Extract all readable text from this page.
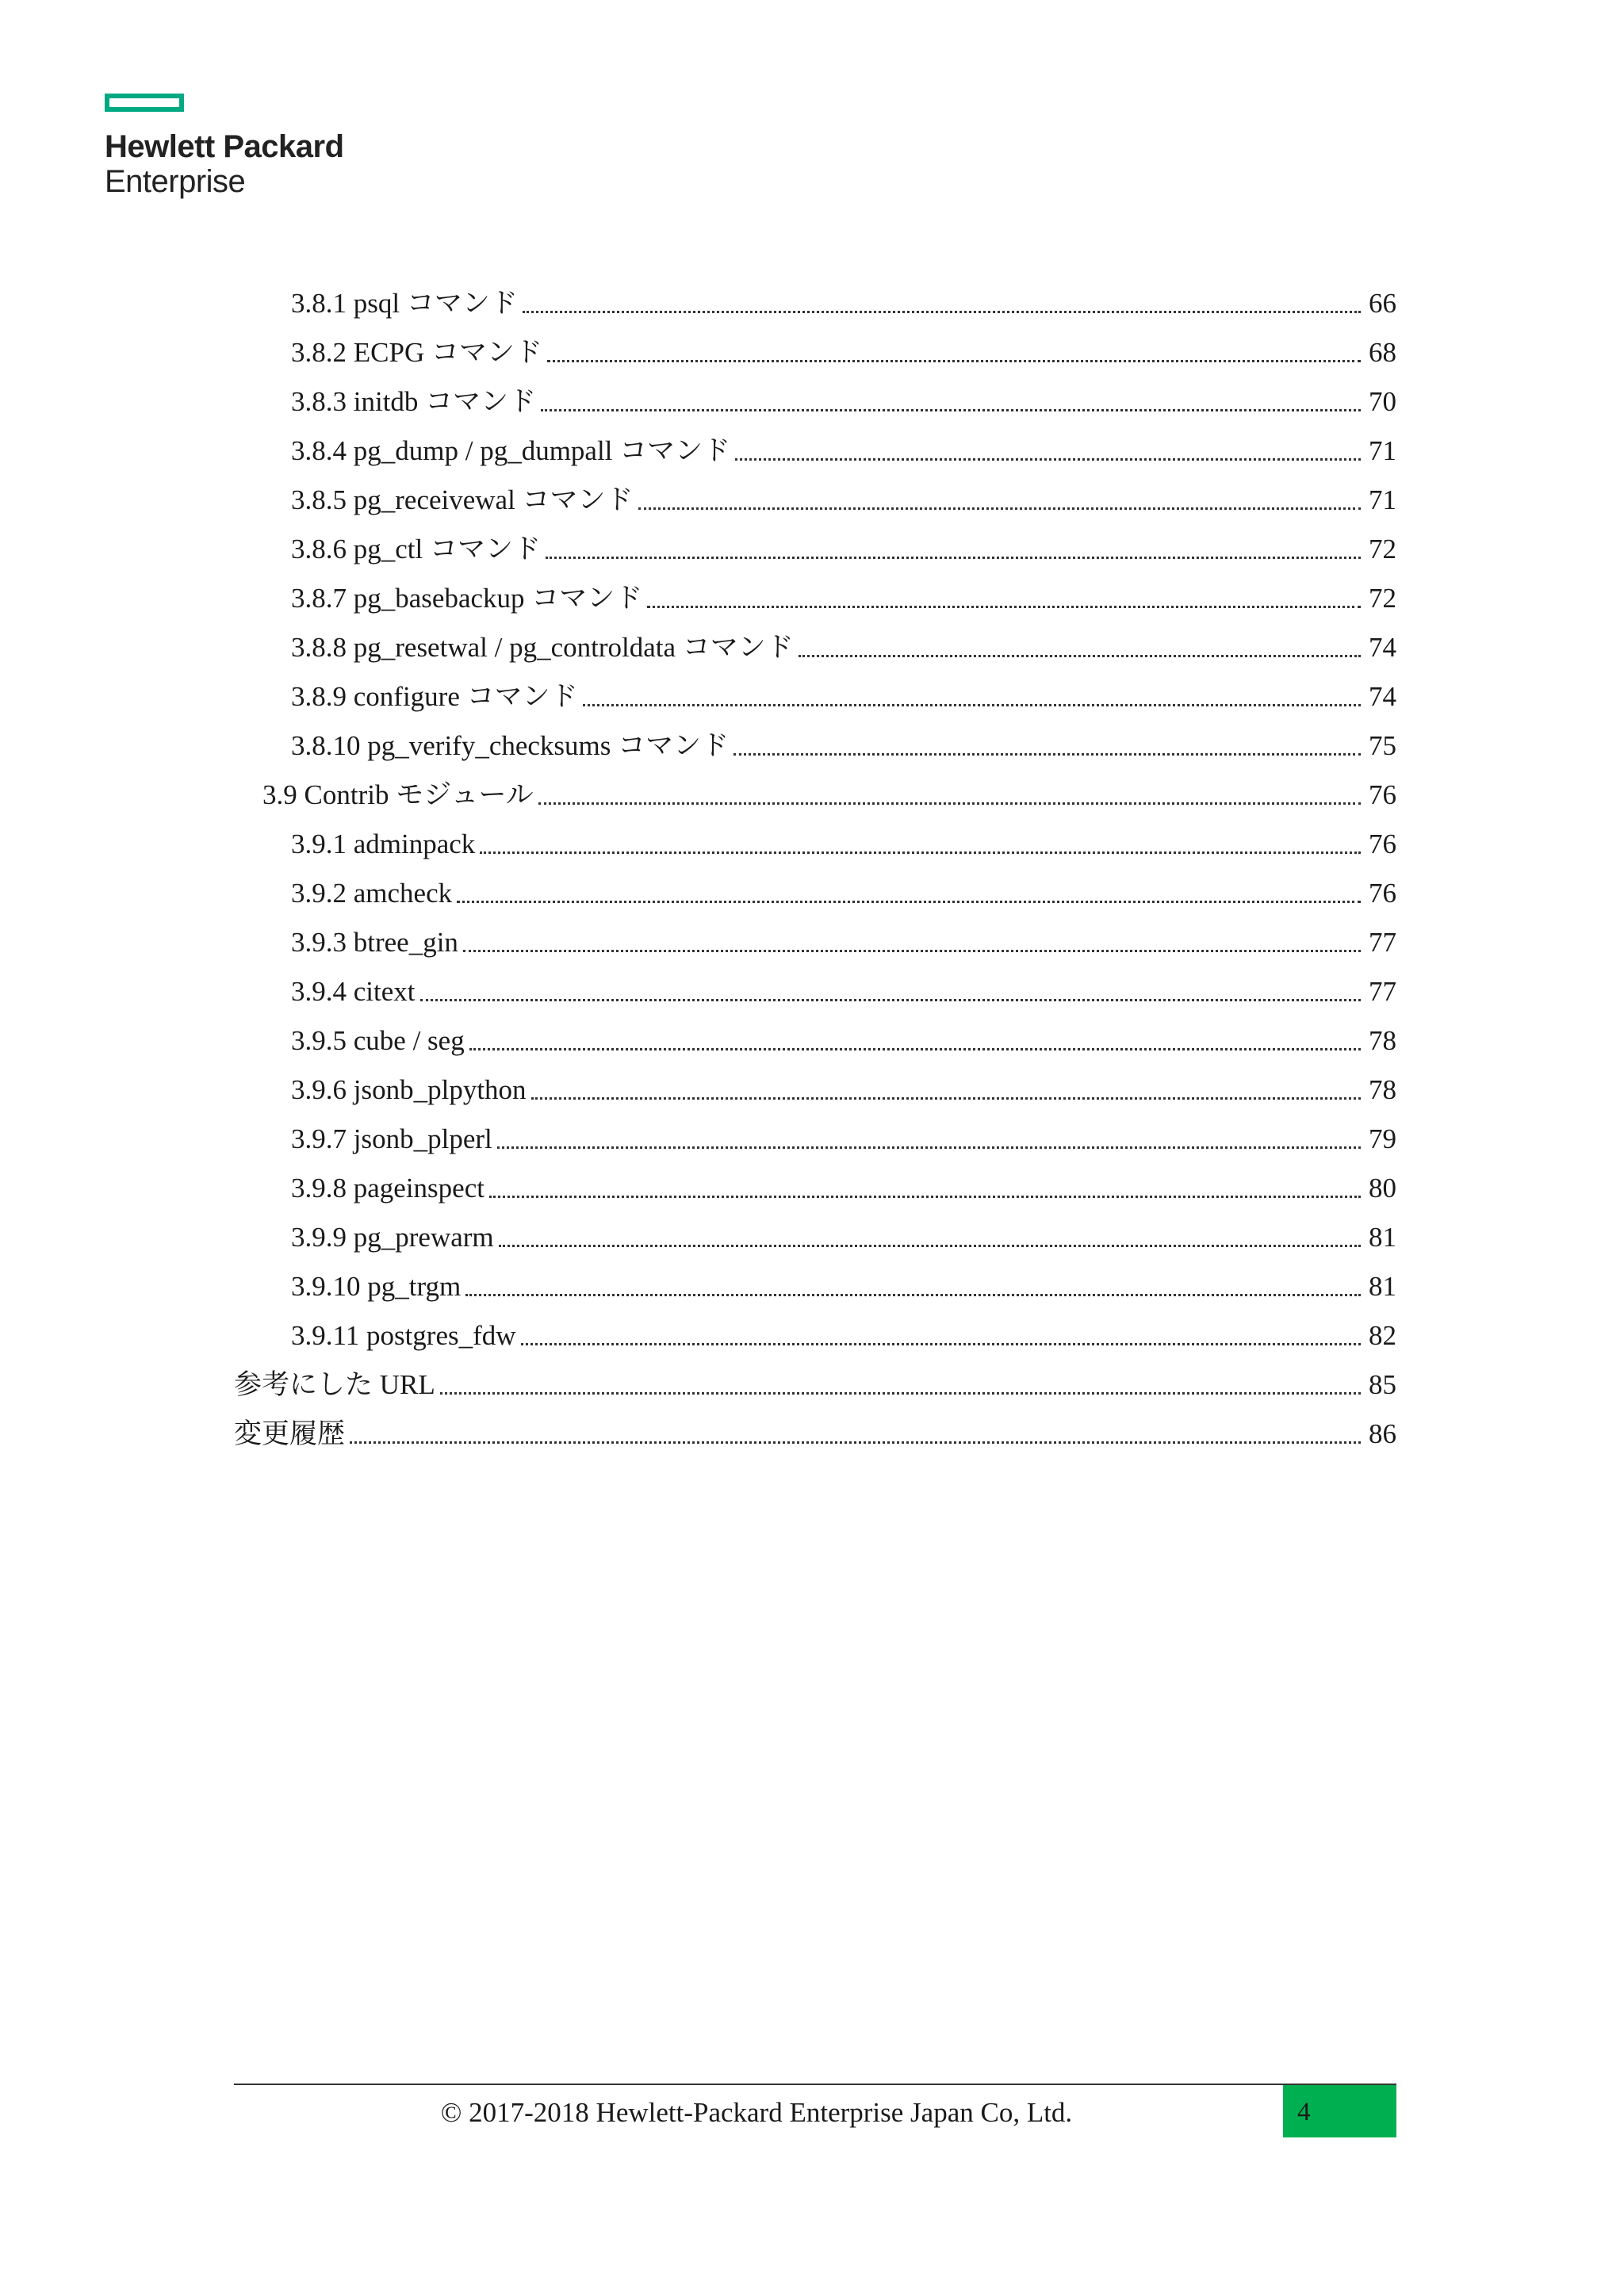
Hewlett Packard
Enterprise
3.8.1 psql コマンド	66
3.8.2 ECPG コマンド	68
3.8.3 initdb コマンド	70
3.8.4 pg_dump / pg_dumpall コマンド	71
3.8.5 pg_receivewal コマンド	71
3.8.6 pg_ctl コマンド	72
3.8.7 pg_basebackup コマンド	72
3.8.8 pg_resetwal / pg_controldata コマンド	74
3.8.9 configure コマンド	74
3.8.10 pg_verify_checksums コマンド	75
3.9 Contrib モジュール	76
3.9.1 adminpack	76
3.9.2 amcheck	76
3.9.3 btree_gin	77
3.9.4 citext	77
3.9.5 cube / seg	78
3.9.6 jsonb_plpython	78
3.9.7 jsonb_plperl	79
3.9.8 pageinspect	80
3.9.9 pg_prewarm	81
3.9.10 pg_trgm	81
3.9.11 postgres_fdw	82
参考にした URL	85
変更履歴	86
© 2017-2018 Hewlett-Packard Enterprise Japan Co, Ltd.	4
